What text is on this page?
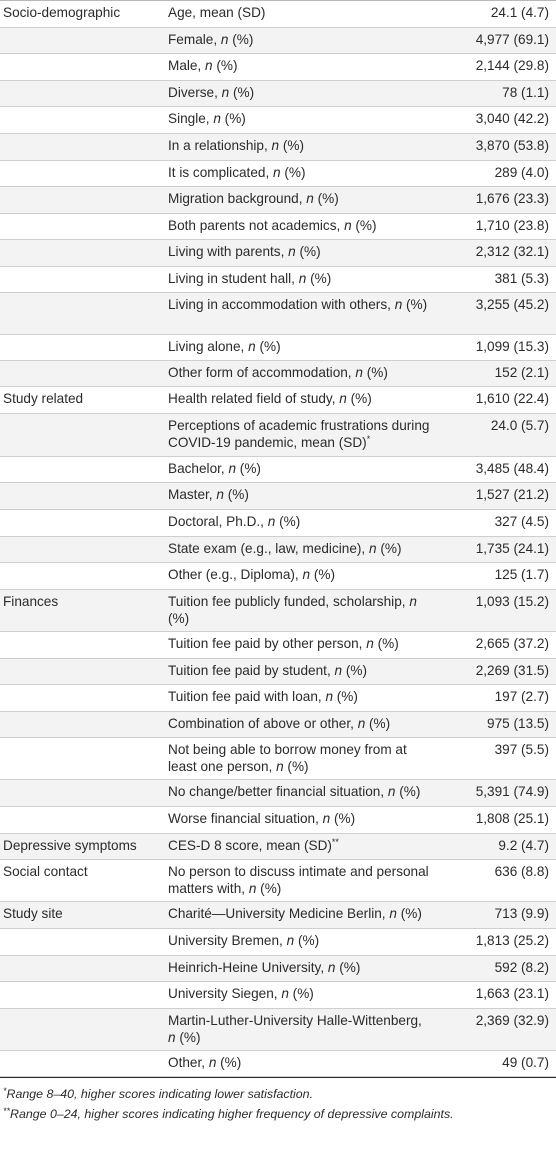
Socio-demographic	Age, mean (SD)	24.1 (4.7)
Female, n (%)	4,977 (69.1)
Male, n (%)	2,144 (29.8)
Diverse, n (%)	78 (1.1)
Single, n (%)	3,040 (42.2)
In a relationship, n (%)	3,870 (53.8)
It is complicated, n (%)	289 (4.0)
Migration background, n (%)	1,676 (23.3)
Both parents not academics, n (%)	1,710 (23.8)
Living with parents, n (%)	2,312 (32.1)
Living in student hall, n (%)	381 (5.3)
Living in accommodation with others, n (%)	3,255 (45.2)
Living alone, n (%)	1,099 (15.3)
Other form of accommodation, n (%)	152 (2.1)
Study related	Health related field of study, n (%)	1,610 (22.4)
Perceptions of academic frustrations during COVID-19 pandemic, mean (SD)*
24.0 (5.7)
Bachelor, n (%)	3,485 (48.4)
Master, n (%)	1,527 (21.2)
Doctoral, Ph.D., n (%)	327 (4.5)
State exam (e.g., law, medicine), n (%)	1,735 (24.1)
Other (e.g., Diploma), n (%)	125 (1.7)
Finances	Tuition fee publicly funded, scholarship, n (%)
1,093 (15.2)
Tuition fee paid by other person, n (%)	2,665 (37.2)
Tuition fee paid by student, n (%)	2,269 (31.5)
Tuition fee paid with loan, n (%)	197 (2.7)
Combination of above or other, n (%)	975 (13.5)
Not being able to borrow money from at least one person, n (%)
397 (5.5)
No change/better financial situation, n (%)	5,391 (74.9)
Worse financial situation, n (%)	1,808 (25.1)
Depressive symptoms	CES-D 8 score, mean (SD)**	9.2 (4.7)
Social contact	No person to discuss intimate and personal matters with, n (%)
636 (8.8)
Study site	Charité—University Medicine Berlin, n (%)	713 (9.9)
University Bremen, n (%)	1,813 (25.2)
Heinrich-Heine University, n (%)	592 (8.2)
University Siegen, n (%)	1,663 (23.1)
Martin-Luther-University Halle-Wittenberg, n (%)
2,369 (32.9)
Other, n (%)	49 (0.7)
*Range 8–40, higher scores indicating lower satisfaction.
**Range 0–24, higher scores indicating higher frequency of depressive complaints.
